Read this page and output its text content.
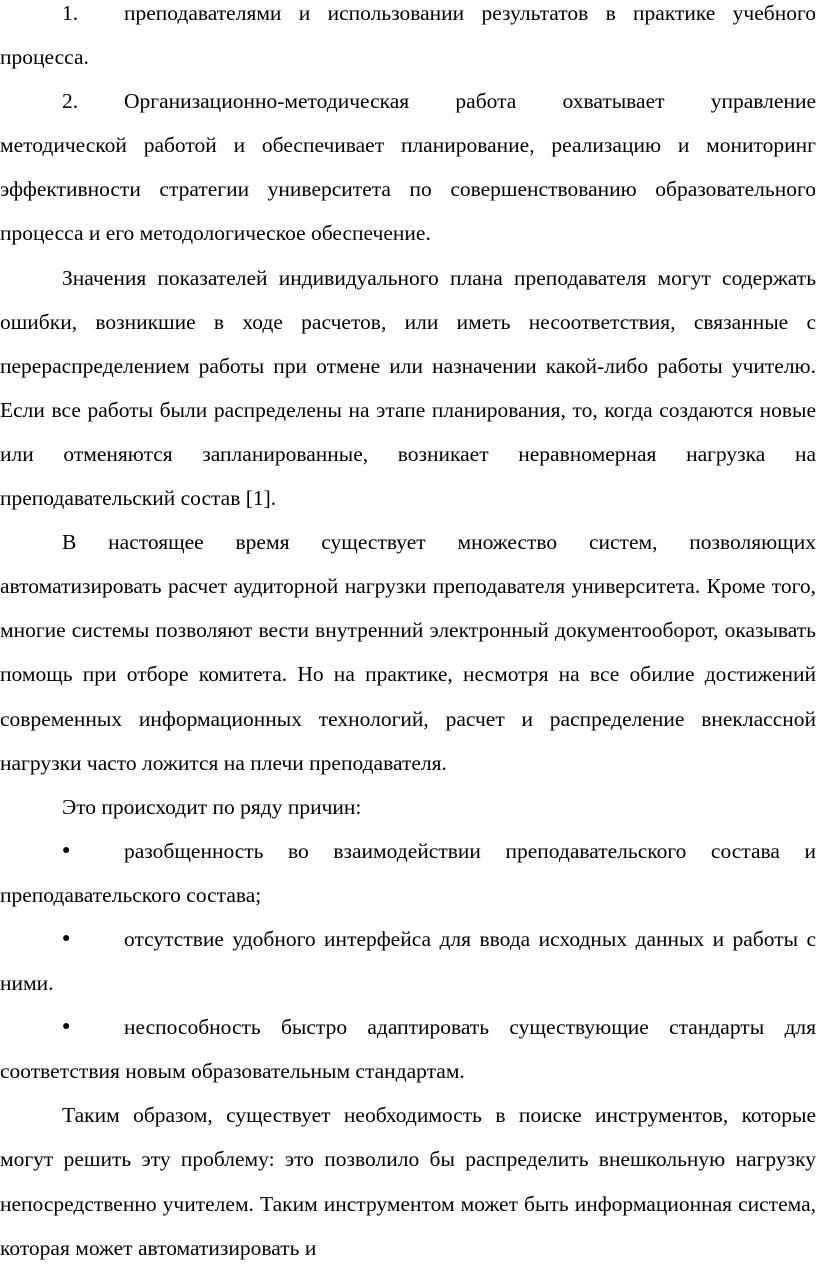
1. преподавателями и использовании результатов в практике учебного процесса.

2. Организационно-методическая работа охватывает управление методической работой и обеспечивает планирование, реализацию и мониторинг эффективности стратегии университета по совершенствованию образовательного процесса и его методологическое обеспечение.

Значения показателей индивидуального плана преподавателя могут содержать ошибки, возникшие в ходе расчетов, или иметь несоответствия, связанные с перераспределением работы при отмене или назначении какой-либо работы учителю. Если все работы были распределены на этапе планирования, то, когда создаются новые или отменяются запланированные, возникает неравномерная нагрузка на преподавательский состав [1].

В настоящее время существует множество систем, позволяющих автоматизировать расчет аудиторной нагрузки преподавателя университета. Кроме того, многие системы позволяют вести внутренний электронный документооборот, оказывать помощь при отборе комитета. Но на практике, несмотря на все обилие достижений современных информационных технологий, расчет и распределение внеклассной нагрузки часто ложится на плечи преподавателя.

Это происходит по ряду причин:

● разобщенность во взаимодействии преподавательского состава и преподавательского состава;

● отсутствие удобного интерфейса для ввода исходных данных и работы с ними.

● неспособность быстро адаптировать существующие стандарты для соответствия новым образовательным стандартам.

Таким образом, существует необходимость в поиске инструментов, которые могут решить эту проблему: это позволило бы распределить внешкольную нагрузку непосредственно учителем. Таким инструментом может быть информационная система, которая может автоматизировать и
